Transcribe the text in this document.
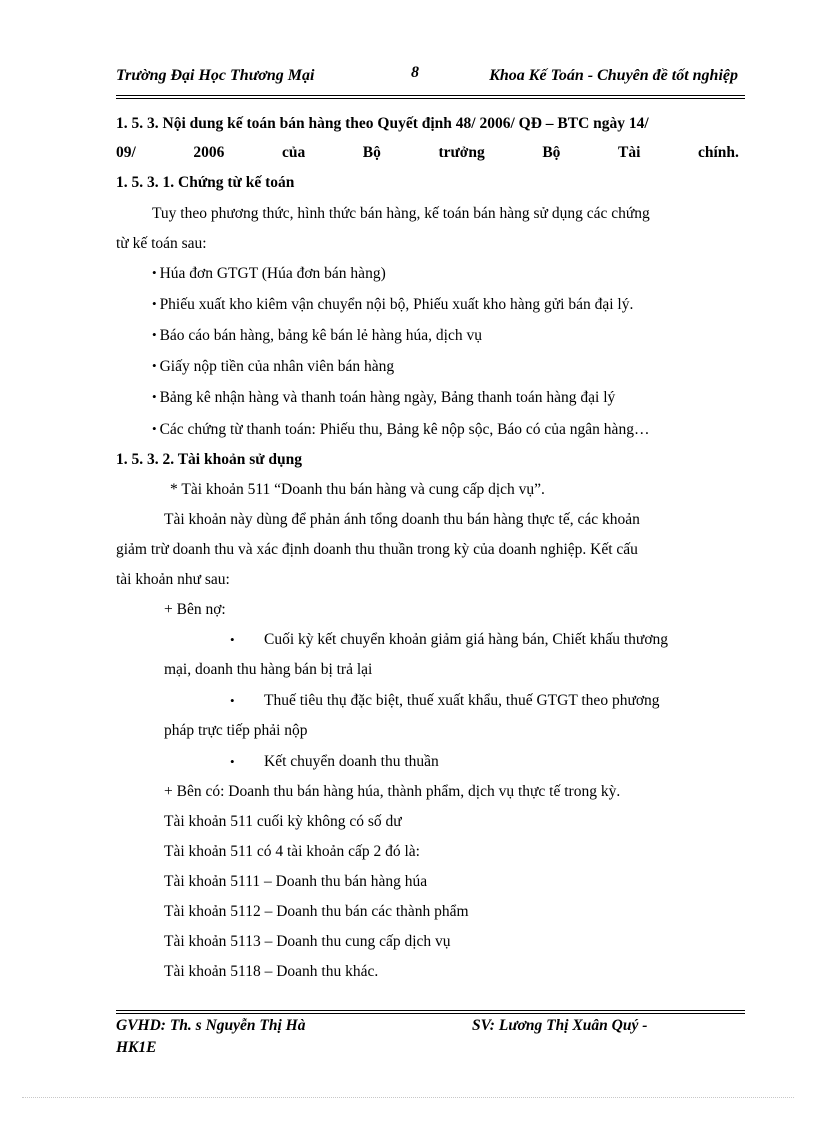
Trường Đại Học Thương Mại	8	Khoa Kế Toán - Chuyên đề tốt nghiệp
1. 5. 3. Nội dung kế toán bán hàng theo Quyết định 48/ 2006/ QĐ – BTC ngày 14/
09/	2006	của	Bộ	trưởng	Bộ	Tài	chính.
1. 5. 3. 1. Chứng từ kế toán
Tuy theo phương thức, hình thức bán hàng, kế toán bán hàng sử dụng các chứng
từ kế toán sau:
• Húa đơn GTGT (Húa đơn bán hàng)
• Phiếu xuất kho kiêm vận chuyển nội bộ, Phiếu xuất kho hàng gửi bán đại lý.
• Báo cáo bán hàng, bảng kê bán lẻ hàng húa, dịch vụ
• Giấy nộp tiền của nhân viên bán hàng
• Bảng kê nhận hàng và thanh toán hàng ngày, Bảng thanh toán hàng đại lý
• Các chứng từ thanh toán: Phiếu thu, Bảng kê nộp sộc, Báo có của ngân hàng…
1. 5. 3. 2. Tài khoản sử dụng
* Tài khoản 511 “Doanh thu bán hàng và cung cấp dịch vụ”.
Tài khoản này dùng để phản ánh tổng doanh thu bán hàng thực tế, các khoản
giảm trừ doanh thu và xác định doanh thu thuần trong kỳ của doanh nghiệp. Kết cấu
tài khoản như sau:
+ Bên nợ:
• Cuối kỳ kết chuyển khoản giảm giá hàng bán, Chiết khấu thương
mại, doanh thu hàng bán bị trả lại
• Thuế tiêu thụ đặc biệt, thuế xuất khẩu, thuế GTGT theo phương
pháp trực tiếp phải nộp
• Kết chuyển doanh thu thuần
+ Bên có: Doanh thu bán hàng húa, thành phẩm, dịch vụ thực tế trong kỳ.
Tài khoản 511 cuối kỳ không có số dư
Tài khoản 511 có 4 tài khoản cấp 2 đó là:
Tài khoản 5111 – Doanh thu bán hàng húa
Tài khoản 5112 – Doanh thu bán các thành phẩm
Tài khoản 5113 – Doanh thu cung cấp dịch vụ
Tài khoản 5118 – Doanh thu khác.
GVHD: Th. s Nguyễn Thị Hà	SV: Lương Thị Xuân Quý -
HK1E
